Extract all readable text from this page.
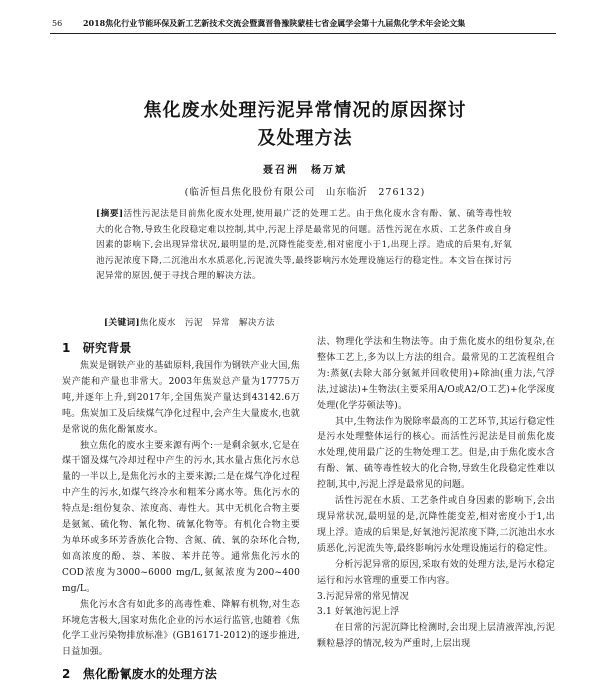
56	2018焦化行业节能环保及新工艺新技术交流会暨冀晋鲁豫陕蒙桂七省金属学会第十九届焦化学术年会论文集
焦化废水处理污泥异常情况的原因探讨
及处理方法
聂召洲　杨万斌
(临沂恒昌焦化股份有限公司　山东临沂　276132)
[摘要]活性污泥法是目前焦化废水处理,使用最广泛的处理工艺。由于焦化废水含有酚、氰、硫等毒性较大的化合物,导致生化段稳定难以控制,其中,污泥上浮是最常见的问题。活性污泥在水质、工艺条件或自身因素的影响下,会出现异常状况,最明显的是,沉降性能变差,相对密度小于1,出现上浮。造成的后果有,好氧池污泥浓度下降,二沉池出水水质恶化,污泥流失等,最终影响污水处理设施运行的稳定性。本文旨在探讨污泥异常的原因,便于寻找合理的解决方法。
[关键词]焦化废水　污泥　异常　解决方法
1　研究背景

焦炭是钢铁产业的基础原料,我国作为钢铁产业大国,焦炭产能和产量也非常大。2003年焦炭总产量为17775万吨,并逐年上升,到2017年,全国焦炭产量达到43142.6万吨。焦炭加工及后续煤气净化过程中,会产生大量废水,也就是常说的焦化酚氰废水。

独立焦化的废水主要来源有两个:一是剩余氨水,它是在煤干馏及煤气冷却过程中产生的污水,其水量占焦化污水总量的一半以上,是焦化污水的主要来源;二是在煤气净化过程中产生的污水,如煤气终冷水和粗苯分离水等。焦化污水的特点是:组份复杂、浓度高、毒性大。其中无机化合物主要是氨氮、硫化物、氰化物、硫氰化物等。有机化合物主要为单环或多环芳香族化合物、含氮、硫、氧的杂环化合物,如高浓度的酚、萘、苯胺、苯并芘等。通常焦化污水的COD浓度为3000~6000 mg/L,氨氮浓度为200~400 mg/L。

焦化污水含有如此多的高毒性难、降解有机物,对生态环境危害极大,国家对焦化企业的污水运行监管,也随着《焦化学工业污染物排放标准》(GB16171-2012)的逐步推进,日益加强。

2　焦化酚氰废水的处理方法

法、物理化学法和生物法等。由于焦化废水的组份复杂,在整体工艺上,多为以上方法的组合。最常见的工艺流程组合为:蒸氨(去除大部分氨氮并回收使用)+除油(重力法,气浮法,过滤法)+生物法(主要采用A/O或A2/O工艺)+化学深度处理(化学芬顿法等)。

其中,生物法作为脱除率最高的工艺环节,其运行稳定性是污水处理整体运行的核心。而活性污泥法是目前焦化废水处理,使用最广泛的生物处理工艺。但是,由于焦化废水含有酚、氰、硫等毒性较大的化合物,导致生化段稳定性难以控制,其中,污泥上浮是最常见的问题。

活性污泥在水质、工艺条件或自身因素的影响下,会出现异常状况,最明显的是,沉降性能变差,相对密度小于1,出现上浮。造成的后果是,好氧池污泥浓度下降,二沉池出水水质恶化,污泥流失等,最终影响污水处理设施运行的稳定性。

分析污泥异常的原因,采取有效的处理方法,是污水稳定运行和污水管理的重要工作内容。

3.污泥异常的常见情况
3.1 好氧池污泥上浮

在日常的污泥沉降比检测时,会出现上层清液浑浊,污泥颗粒悬浮的情况,较为严重时,上层出现
